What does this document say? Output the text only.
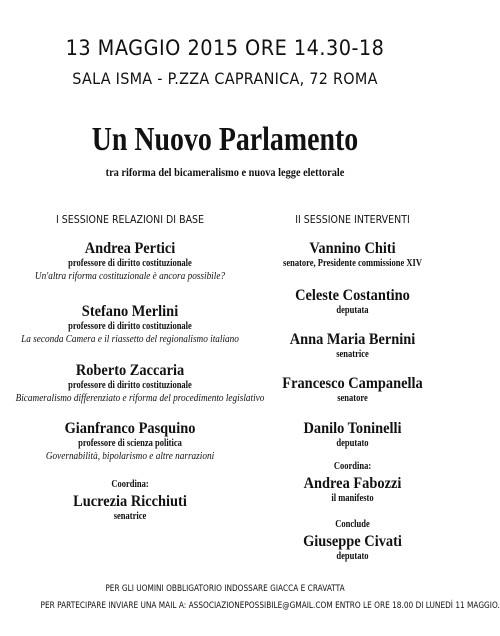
13 MAGGIO 2015 ORE 14.30-18
SALA ISMA - P.ZZA CAPRANICA, 72 ROMA
Un Nuovo Parlamento
tra riforma del bicameralismo e nuova legge elettorale
I SESSIONE RELAZIONI DI BASE
Andrea Pertici
professore di diritto costituzionale
Un'altra riforma costituzionale è ancora possibile?
Stefano Merlini
professore di diritto costituzionale
La seconda Camera e il riassetto del regionalismo italiano
Roberto Zaccaria
professore di diritto costituzionale
Bicameralismo differenziato e riforma del procedimento legislativo
Gianfranco Pasquino
professore di scienza politica
Governabilità, bipolarismo e altre narrazioni
Coordina:
Lucrezia Ricchiuti
senatrice
II SESSIONE INTERVENTI
Vannino Chiti
senatore, Presidente commissione XIV
Celeste Costantino
deputata
Anna Maria Bernini
senatrice
Francesco Campanella
senatore
Danilo Toninelli
deputato
Coordina:
Andrea Fabozzi
il manifesto
Conclude
Giuseppe Civati
deputato
PER GLI UOMINI OBBLIGATORIO INDOSSARE GIACCA E CRAVATTA
PER PARTECIPARE INVIARE UNA MAIL A: ASSOCIAZIONEPOSSIBILE@GMAIL.COM ENTRO LE ORE 18.00 DI LUNEDÌ 11 MAGGIO.
